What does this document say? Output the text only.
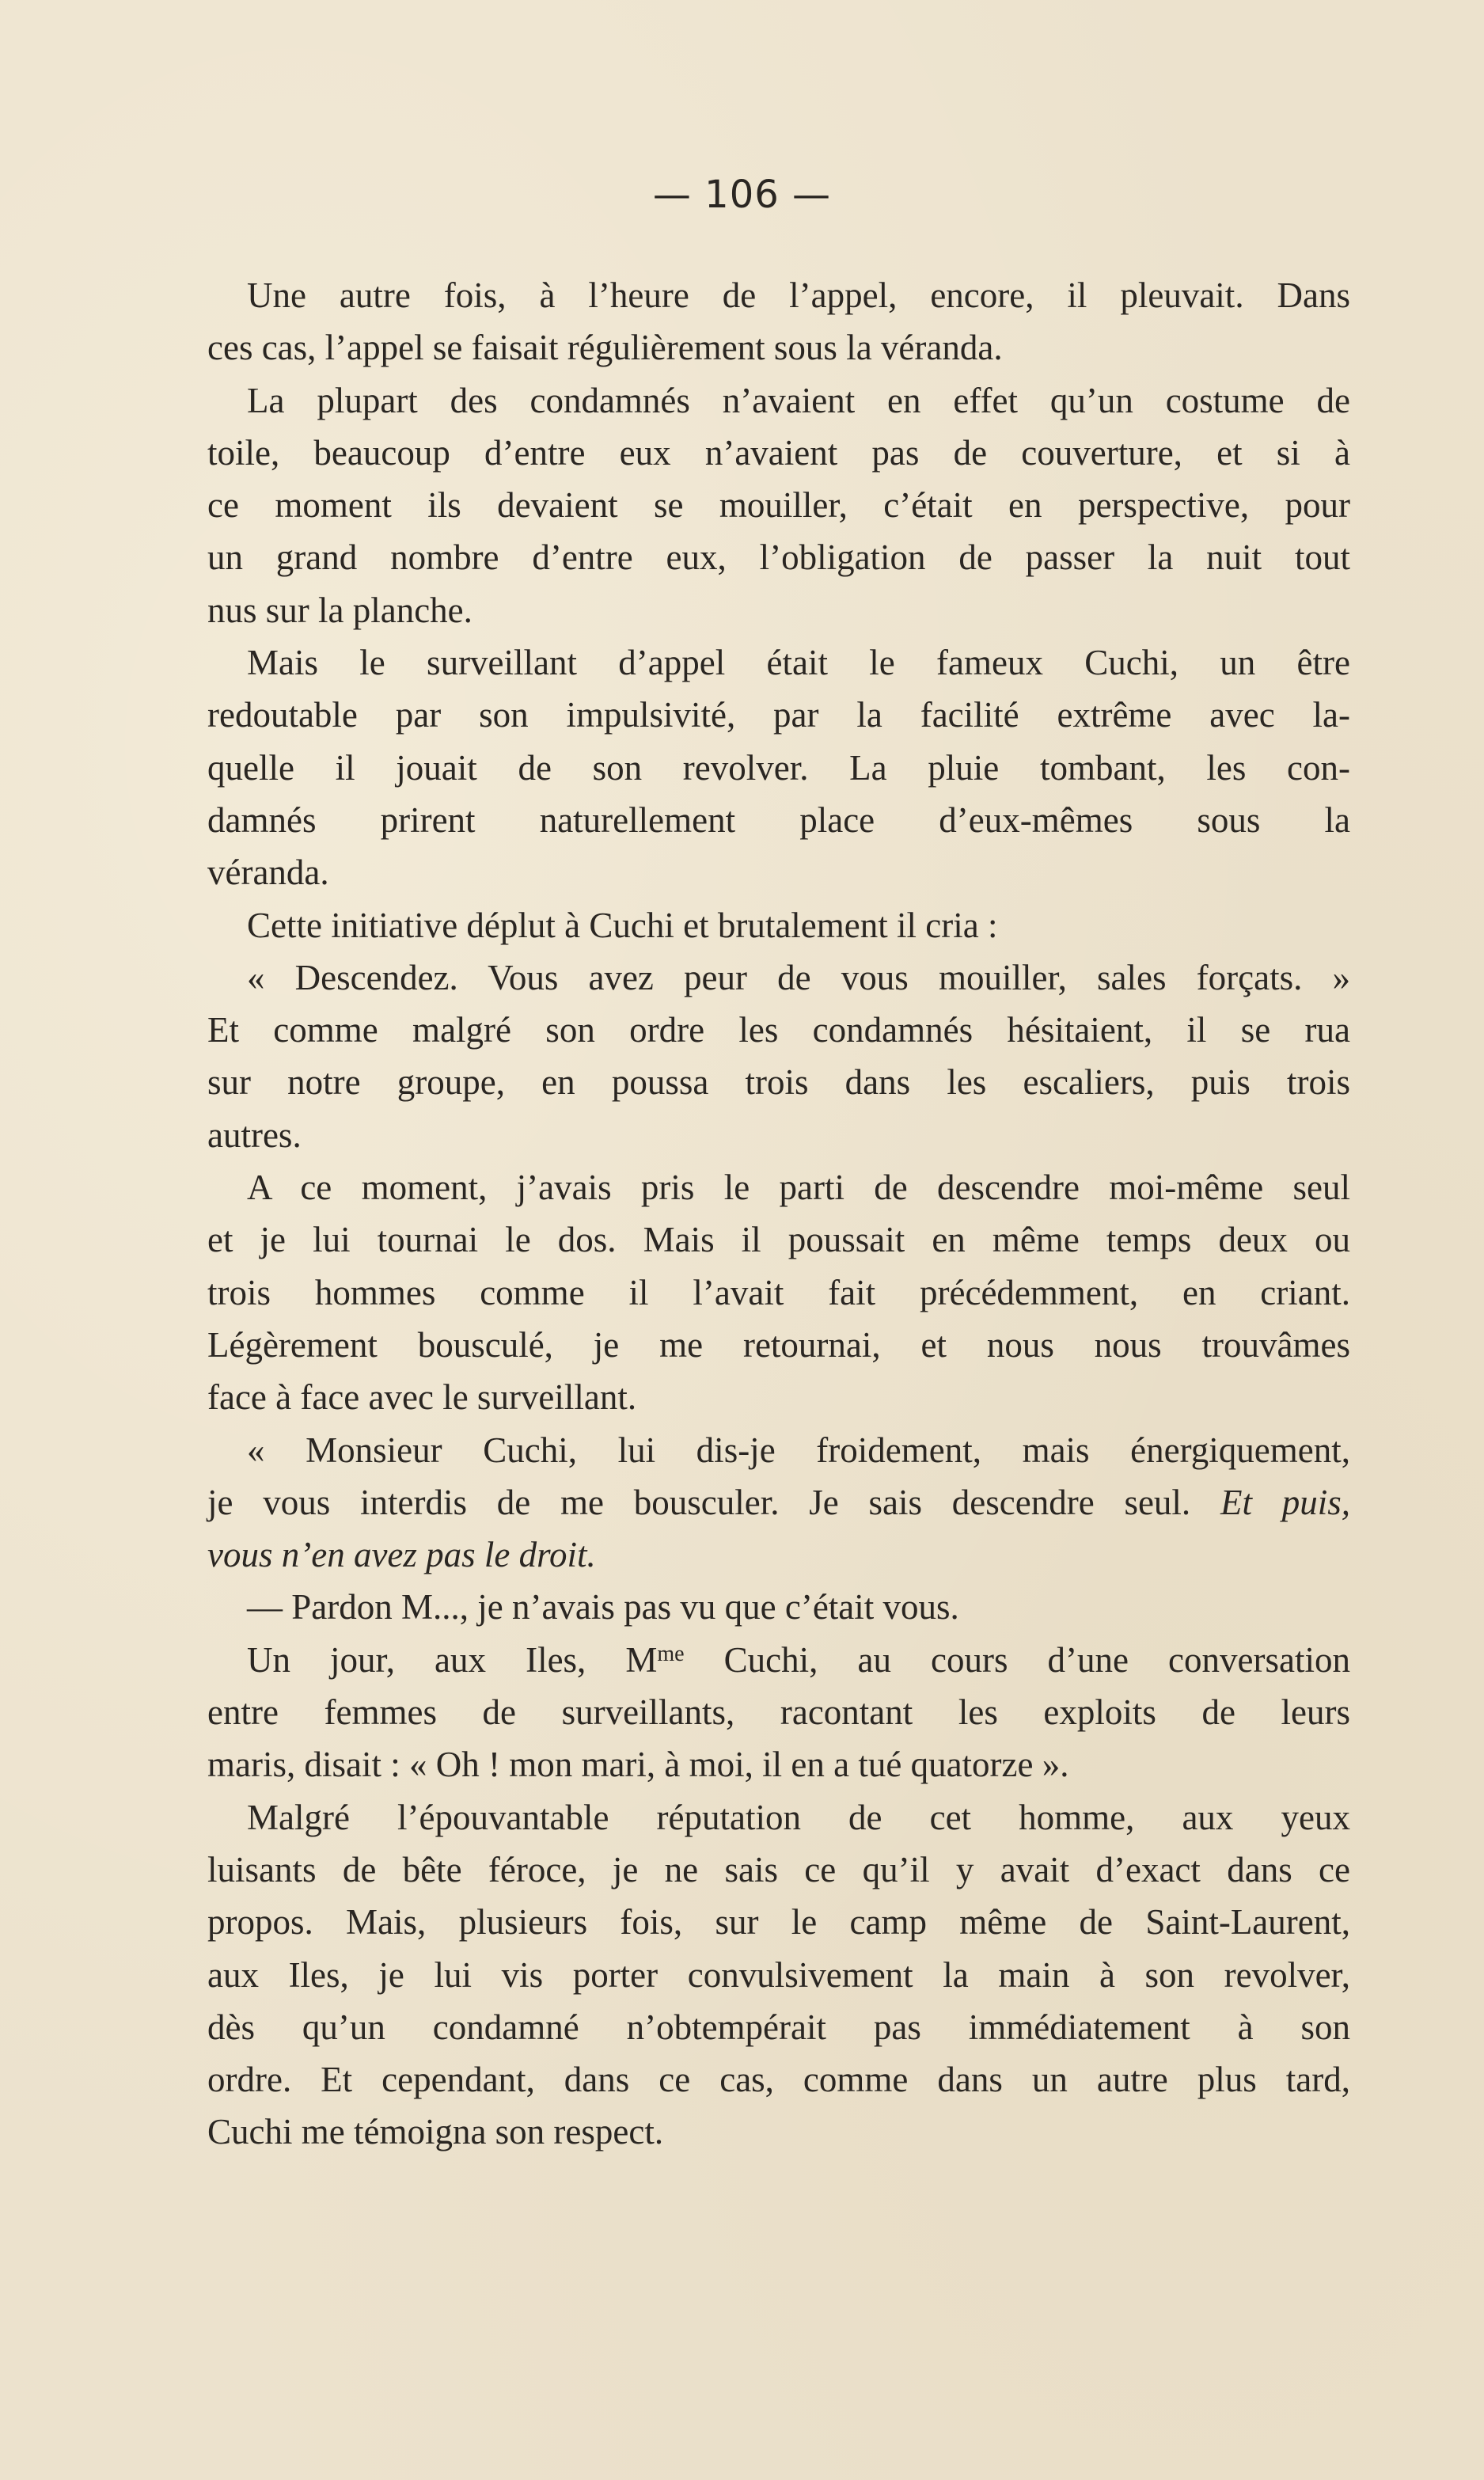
— 106 —
Une autre fois, à l’heure de l’appel, encore, il pleuvait. Dans
ces cas, l’appel se faisait régulièrement sous la véranda.
La plupart des condamnés n’avaient en effet qu’un costume de
toile, beaucoup d’entre eux n’avaient pas de couverture, et si à
ce moment ils devaient se mouiller, c’était en perspective, pour
un grand nombre d’entre eux, l’obligation de passer la nuit tout
nus sur la planche.
Mais le surveillant d’appel était le fameux Cuchi, un être
redoutable par son impulsivité, par la facilité extrême avec la-
quelle il jouait de son revolver. La pluie tombant, les con-
damnés prirent naturellement place d’eux-mêmes sous la
véranda.
Cette initiative déplut à Cuchi et brutalement il cria :
« Descendez. Vous avez peur de vous mouiller, sales forçats. »
Et comme malgré son ordre les condamnés hésitaient, il se rua
sur notre groupe, en poussa trois dans les escaliers, puis trois
autres.
A ce moment, j’avais pris le parti de descendre moi-même seul
et je lui tournai le dos. Mais il poussait en même temps deux ou
trois hommes comme il l’avait fait précédemment, en criant.
Légèrement bousculé, je me retournai, et nous nous trouvâmes
face à face avec le surveillant.
« Monsieur Cuchi, lui dis-je froidement, mais énergiquement,
je vous interdis de me bousculer. Je sais descendre seul. Et puis,
vous n’en avez pas le droit.
— Pardon M..., je n’avais pas vu que c’était vous.
Un jour, aux Iles, $M^{me}$ Cuchi, au cours d’une conversation
entre femmes de surveillants, racontant les exploits de leurs
maris, disait : « Oh ! mon mari, à moi, il en a tué quatorze ».
Malgré l’épouvantable réputation de cet homme, aux yeux
luisants de bête féroce, je ne sais ce qu’il y avait d’exact dans ce
propos. Mais, plusieurs fois, sur le camp même de Saint-Laurent,
aux Iles, je lui vis porter convulsivement la main à son revolver,
dès qu’un condamné n’obtempérait pas immédiatement à son
ordre. Et cependant, dans ce cas, comme dans un autre plus tard,
Cuchi me témoigna son respect.
